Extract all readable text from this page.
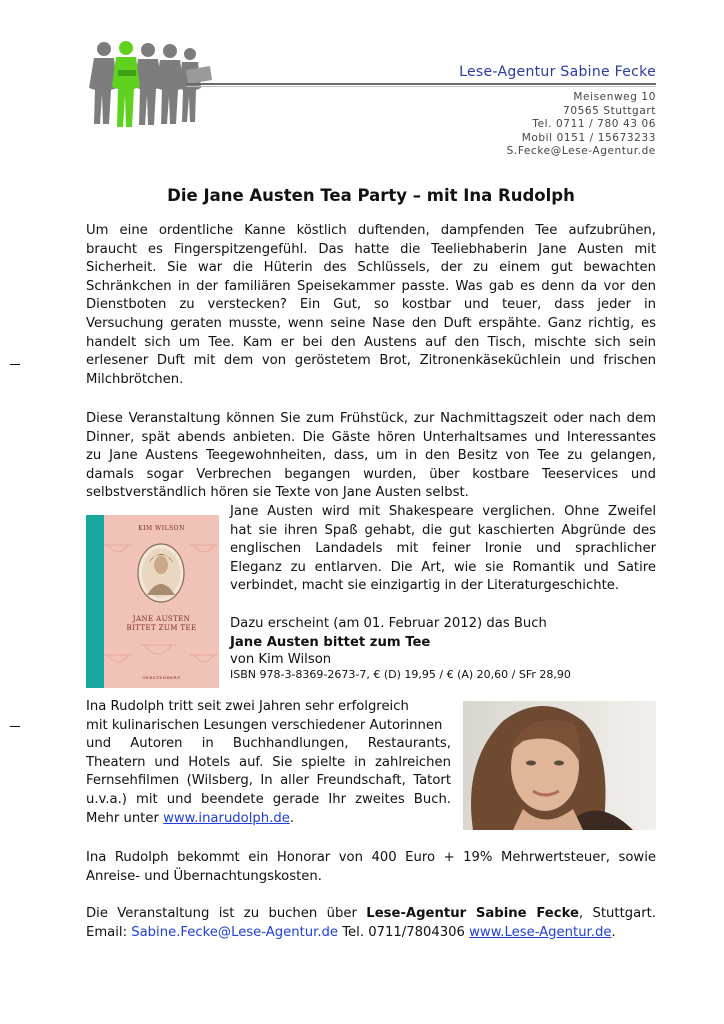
Lese-Agentur Sabine Fecke
Meisenweg 10
70565 Stuttgart
Tel. 0711 / 780 43 06
Mobil 0151 / 15673233
S.Fecke@Lese-Agentur.de
Die Jane Austen Tea Party – mit Ina Rudolph
Um eine ordentliche Kanne köstlich duftenden, dampfenden Tee aufzubrühen,
braucht es Fingerspitzengefühl. Das hatte die Teeliebhaberin Jane Austen mit
Sicherheit. Sie war die Hüterin des Schlüssels, der zu einem gut bewachten
Schränkchen in der familiären Speisekammer passte. Was gab es denn da vor den
Dienstboten zu verstecken? Ein Gut, so kostbar und teuer, dass jeder in
Versuchung geraten musste, wenn seine Nase den Duft erspähte. Ganz richtig, es
handelt sich um Tee. Kam er bei den Austens auf den Tisch, mischte sich sein
erlesener Duft mit dem von geröstetem Brot, Zitronenkäseküchlein und frischen
Milchbrötchen.
Diese Veranstaltung können Sie zum Frühstück, zur Nachmittagszeit oder nach dem
Dinner, spät abends anbieten. Die Gäste hören Unterhaltsames und Interessantes
zu Jane Austens Teegewohnheiten, dass, um in den Besitz von Tee zu gelangen,
damals sogar Verbrechen begangen wurden, über kostbare Teeservices und
selbstverständlich hören sie Texte von Jane Austen selbst.
KIM WILSON
JANE AUSTEN
BITTET ZUM TEE
GERSTENBERG
Jane Austen wird mit Shakespeare verglichen. Ohne Zweifel
hat sie ihren Spaß gehabt, die gut kaschierten Abgründe des
englischen Landadels mit feiner Ironie und sprachlicher
Eleganz zu entlarven. Die Art, wie sie Romantik und Satire
verbindet, macht sie einzigartig in der Literaturgeschichte.
Dazu erscheint (am 01. Februar 2012) das Buch
Jane Austen bittet zum Tee
von Kim Wilson
ISBN 978-3-8369-2673-7, € (D) 19,95 / € (A) 20,60 / SFr 28,90
Ina Rudolph tritt seit zwei Jahren sehr erfolgreich
mit kulinarischen Lesungen verschiedener Autorinnen
und Autoren in Buchhandlungen, Restaurants,
Theatern und Hotels auf. Sie spielte in zahlreichen
Fernsehfilmen (Wilsberg, In aller Freundschaft, Tatort
u.v.a.) mit und beendete gerade Ihr zweites Buch.
Mehr unter www.inarudolph.de.
Ina Rudolph bekommt ein Honorar von 400 Euro + 19% Mehrwertsteuer, sowie
Anreise- und Übernachtungskosten.
Die Veranstaltung ist zu buchen über Lese-Agentur Sabine Fecke, Stuttgart.
Email: Sabine.Fecke@Lese-Agentur.de Tel. 0711/7804306 www.Lese-Agentur.de.
